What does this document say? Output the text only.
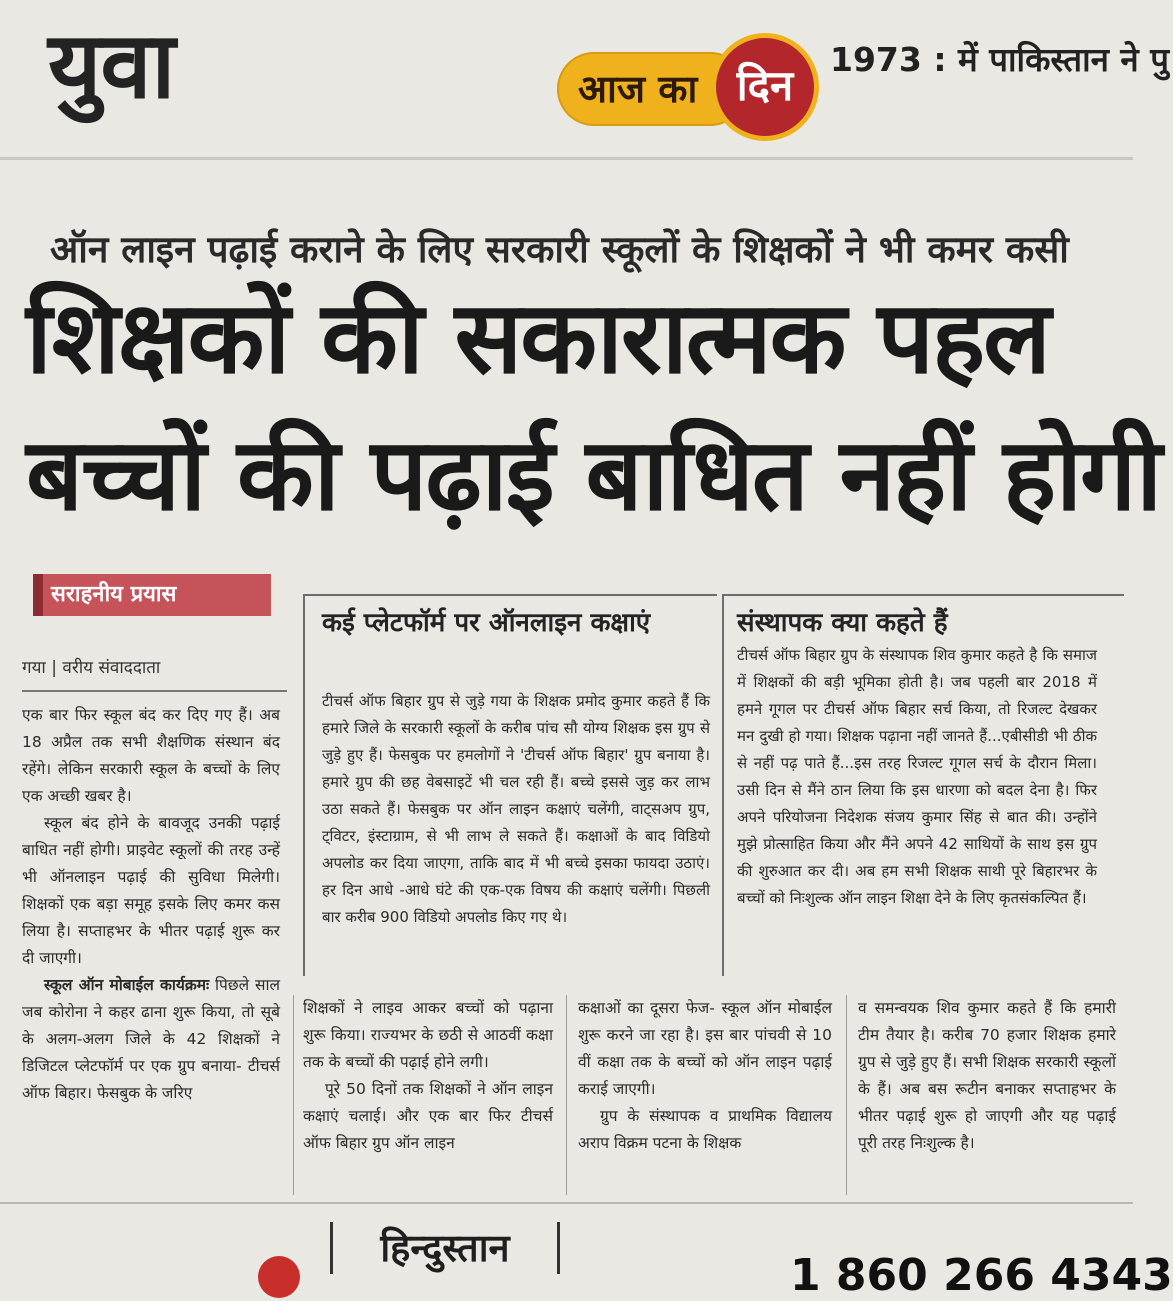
युवा	आज का दिन
1973 : में पाकिस्तान ने पु
ऑन लाइन पढ़ाई कराने के लिए सरकारी स्कूलों के शिक्षकों ने भी कमर कसी
शिक्षकों की सकारात्मक पहल
बच्चों की पढ़ाई बाधित नहीं होगी
सराहनीय प्रयास
गया | वरीय संवाददाता

एक बार फिर स्कूल बंद कर दिए गए हैं। अब 18 अप्रैल तक सभी शैक्षणिक संस्थान बंद रहेंगे। लेकिन सरकारी स्कूल के बच्चों के लिए एक अच्छी खबर है।

स्कूल बंद होने के बावजूद उनकी पढ़ाई बाधित नहीं होगी। प्राइवेट स्कूलों की तरह उन्हें भी ऑनलाइन पढ़ाई की सुविधा मिलेगी। शिक्षकों एक बड़ा समूह इसके लिए कमर कस लिया है। सप्ताहभर के भीतर पढ़ाई शुरू कर दी जाएगी।

स्कूल ऑन मोबाईल कार्यक्रमः पिछले साल जब कोरोना ने कहर ढाना शुरू किया, तो सूबे के अलग-अलग जिले के 42 शिक्षकों ने डिजिटल प्लेटफॉर्म पर एक ग्रुप बनाया- टीचर्स ऑफ बिहार। फेसबुक के जरिए

कई प्लेटफॉर्म पर ऑनलाइन कक्षाएं
टीचर्स ऑफ बिहार ग्रुप से जुड़े गया के शिक्षक प्रमोद कुमार कहते हैं कि हमारे जिले के सरकारी स्कूलों के करीब पांच सौ योग्य शिक्षक इस ग्रुप से जुड़े हुए हैं। फेसबुक पर हमलोगों ने 'टीचर्स ऑफ बिहार' ग्रुप बनाया है। हमारे ग्रुप की छह वेबसाइटें भी चल रही हैं। बच्चे इससे जुड़ कर लाभ उठा सकते हैं। फेसबुक पर ऑन लाइन कक्षाएं चलेंगी, वाट्सअप ग्रुप, ट्विटर, इंस्टाग्राम, से भी लाभ ले सकते हैं। कक्षाओं के बाद विडियो अपलोड कर दिया जाएगा, ताकि बाद में भी बच्चे इसका फायदा उठाएं। हर दिन आधे -आधे घंटे की एक-एक विषय की कक्षाएं चलेंगी। पिछली बार करीब 900 विडियो अपलोड किए गए थे।
संस्थापक क्या कहते हैं
टीचर्स ऑफ बिहार ग्रुप के संस्थापक शिव कुमार कहते है कि समाज में शिक्षकों की बड़ी भूमिका होती है। जब पहली बार 2018 में हमने गूगल पर टीचर्स ऑफ बिहार सर्च किया, तो रिजल्ट देखकर मन दुखी हो गया। शिक्षक पढ़ाना नहीं जानते हैं...एबीसीडी भी ठीक से नहीं पढ़ पाते हैं...इस तरह रिजल्ट गूगल सर्च के दौरान मिला। उसी दिन से मैंने ठान लिया कि इस धारणा को बदल देना है। फिर अपने परियोजना निदेशक संजय कुमार सिंह से बात की। उन्होंने मुझे प्रोत्साहित किया और मैंने अपने 42 साथियों के साथ इस ग्रुप की शुरुआत कर दी। अब हम सभी शिक्षक साथी पूरे बिहारभर के बच्चों को निःशुल्क ऑन लाइन शिक्षा देने के लिए कृतसंकल्पित हैं।

शिक्षकों ने लाइव आकर बच्चों को पढ़ाना शुरू किया। राज्यभर के छठी से आठवीं कक्षा तक के बच्चों की पढ़ाई होने लगी।

पूरे 50 दिनों तक शिक्षकों ने ऑन लाइन कक्षाएं चलाई। और एक बार फिर टीचर्स ऑफ बिहार ग्रुप ऑन लाइन

कक्षाओं का दूसरा फेज- स्कूल ऑन मोबाईल शुरू करने जा रहा है। इस बार पांचवी से 10 वीं कक्षा तक के बच्चों को ऑन लाइन पढ़ाई कराई जाएगी।

ग्रुप के संस्थापक व प्राथमिक विद्यालय अराप विक्रम पटना के शिक्षक

व समन्वयक शिव कुमार कहते हैं कि हमारी टीम तैयार है। करीब 70 हजार शिक्षक हमारे ग्रुप से जुड़े हुए हैं। सभी शिक्षक सरकारी स्कूलों के हैं। अब बस रूटीन बनाकर सप्ताहभर के भीतर पढ़ाई शुरू हो जाएगी और यह पढ़ाई पूरी तरह निःशुल्क है।

हिन्दुस्तान
1 860 266 4343
